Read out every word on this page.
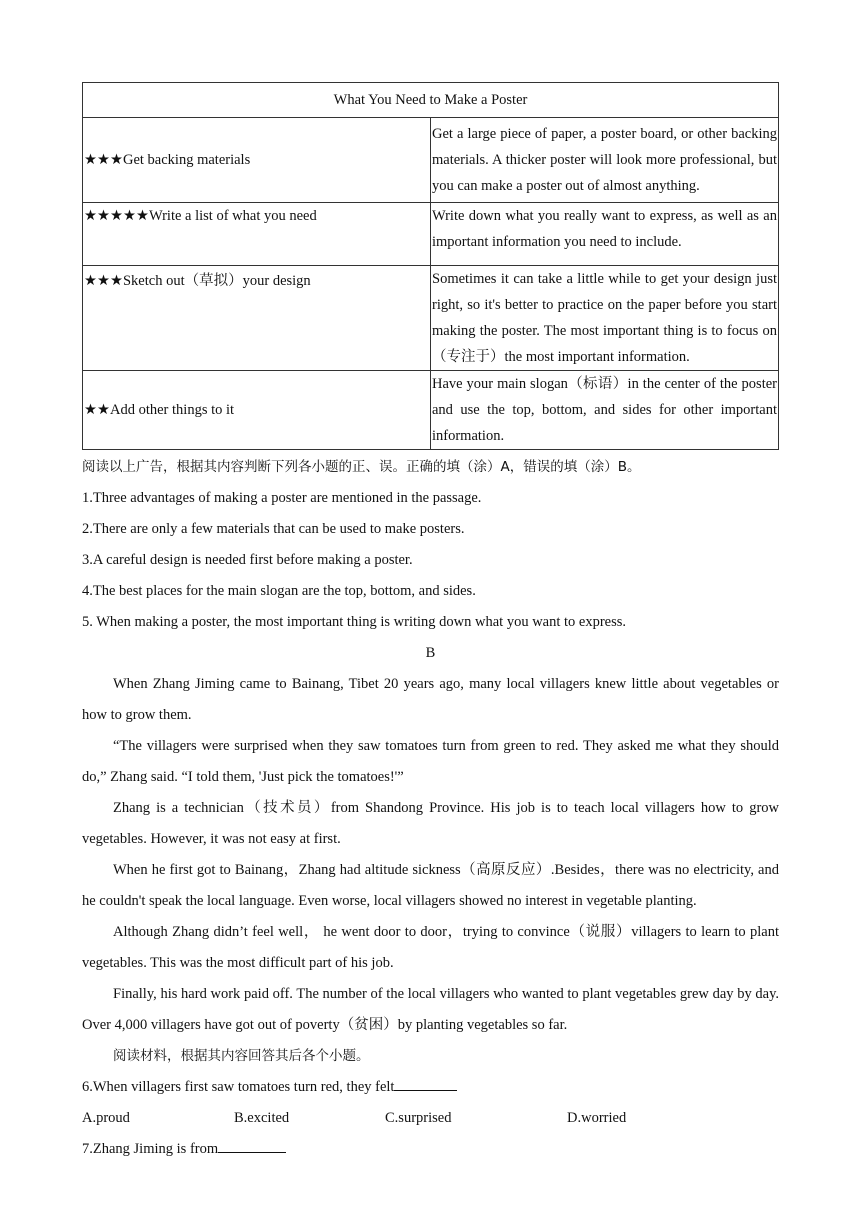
What You Need to Make a Poster	
★★★Get backing materials	Get a large piece of paper, a poster board, or other backing materials. A thicker poster will look more professional, but you can make a poster out of almost anything.
★★★★★Write a list of what you need	Write down what you really want to express, as well as an important information you need to include.
★★★Sketch out（草拟）your design	Sometimes it can take a little while to get your design just right, so it's better to practice on the paper before you start making the poster. The most important thing is to focus on（专注于）the most important information.
★★Add other things to it	Have your main slogan（标语）in the center of the poster and use the top, bottom, and sides for other important information.
阅读以上广告，根据其内容判断下列各小题的正、误。正确的填（涂）A，错误的填（涂）B。
1.Three advantages of making a poster are mentioned in the passage.
2.There are only a few materials that can be used to make posters.
3.A careful design is needed first before making a poster.
4.The best places for the main slogan are the top, bottom, and sides.
5. When making a poster, the most important thing is writing down what you want to express.
B
When Zhang Jiming came to Bainang, Tibet 20 years ago, many local villagers knew little about vegetables or how to grow them.
“The villagers were surprised when they saw tomatoes turn from green to red. They asked me what they should do,” Zhang said. “I told them, 'Just pick the tomatoes!'”
Zhang is a technician（技术员）from Shandong Province. His job is to teach local villagers how to grow vegetables. However, it was not easy at first.
When he first got to Bainang，Zhang had altitude sickness（高原反应）.Besides，there was no electricity, and he couldn't speak the local language. Even worse, local villagers showed no interest in vegetable planting.
Although Zhang didn’t feel well， he went door to door，trying to convince（说服）villagers to learn to plant vegetables. This was the most difficult part of his job.
Finally, his hard work paid off. The number of the local villagers who wanted to plant vegetables grew day by day. Over 4,000 villagers have got out of poverty（贫困）by planting vegetables so far.
阅读材料，根据其内容回答其后各个小题。
6.When villagers first saw tomatoes turn red, they felt
A.proud	B.excited	C.surprised	D.worried
7.Zhang Jiming is from
